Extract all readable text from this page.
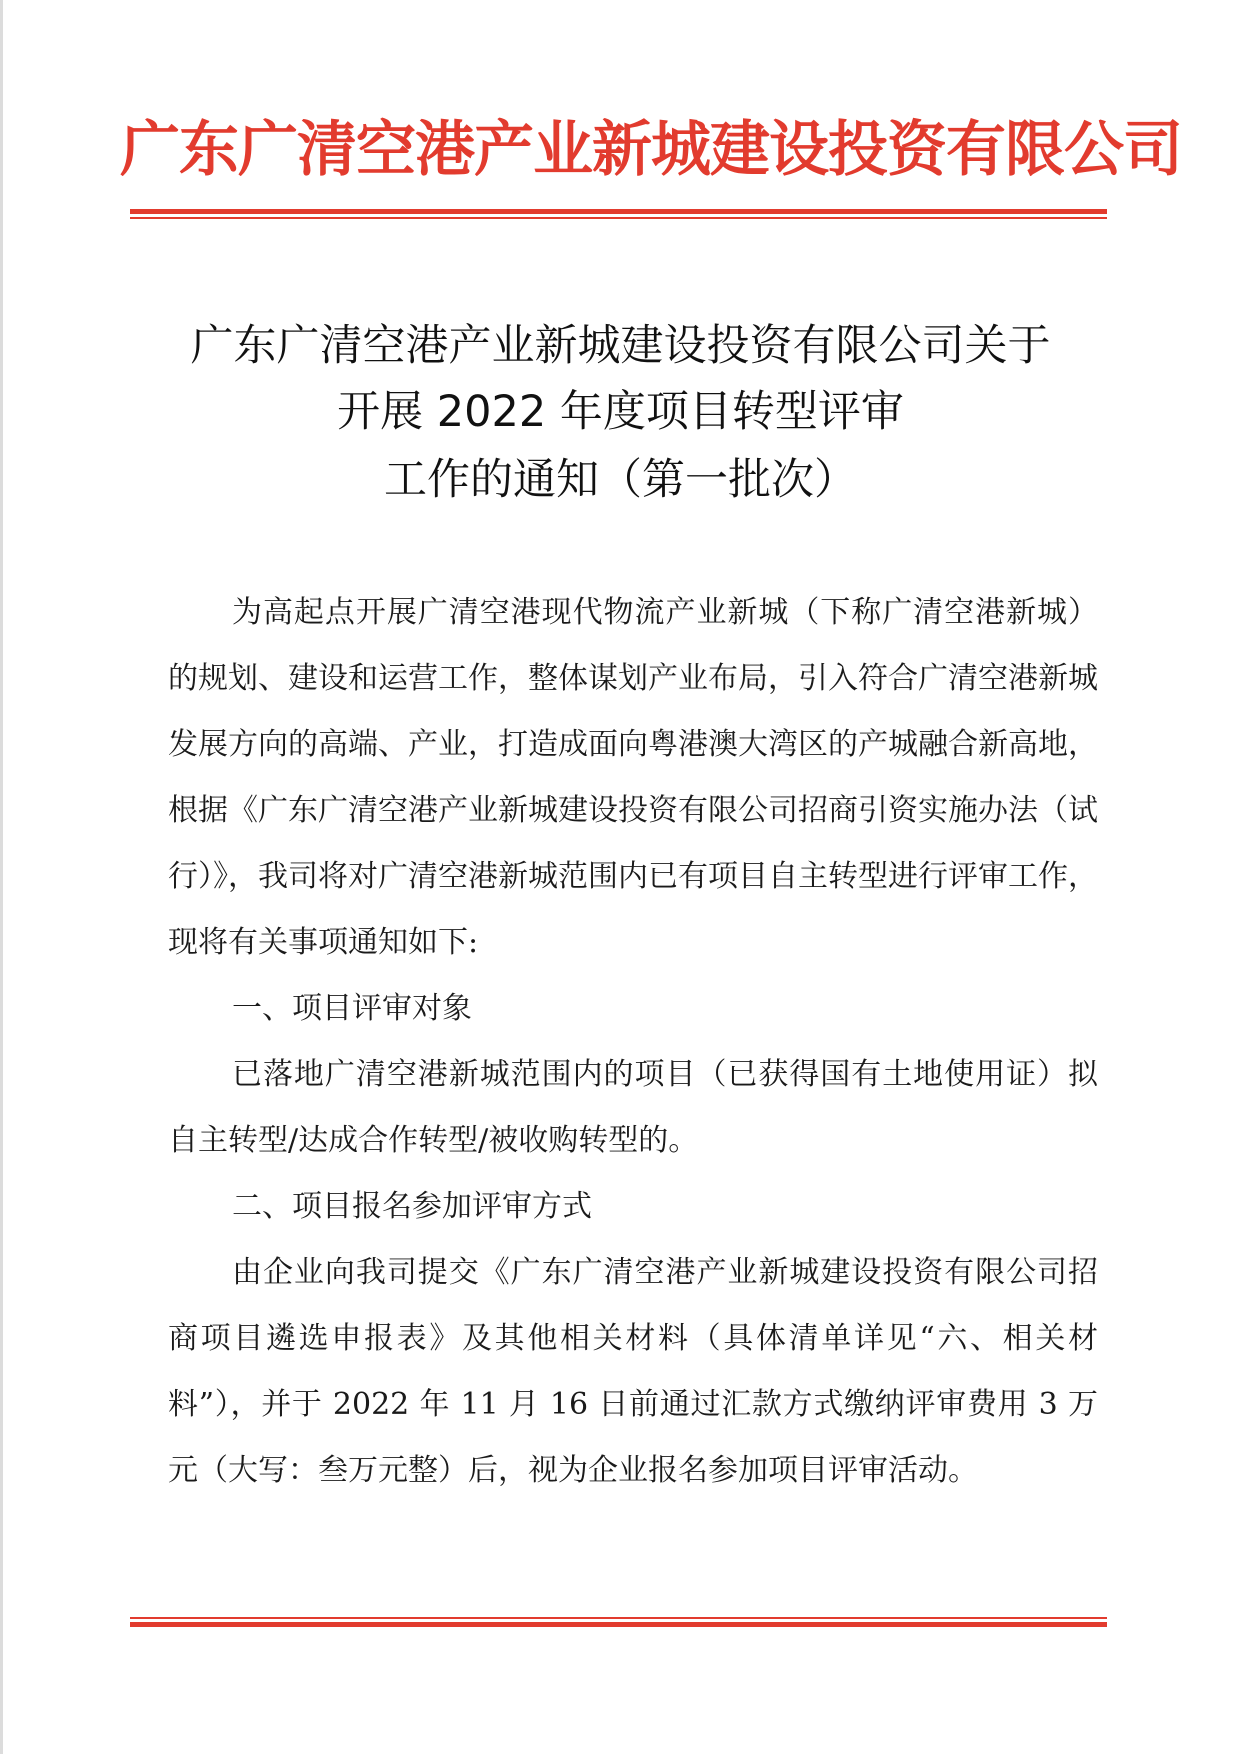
广东广清空港产业新城建设投资有限公司
广东广清空港产业新城建设投资有限公司关于
开展 2022 年度项目转型评审
工作的通知（第一批次）

为高起点开展广清空港现代物流产业新城（下称广清空港新城）的规划、建设和运营工作，整体谋划产业布局，引入符合广清空港新城发展方向的高端、产业，打造成面向粤港澳大湾区的产城融合新高地，根据《广东广清空港产业新城建设投资有限公司招商引资实施办法（试行）》，我司将对广清空港新城范围内已有项目自主转型进行评审工作，现将有关事项通知如下:

一、项目评审对象

已落地广清空港新城范围内的项目（已获得国有土地使用证）拟自主转型/达成合作转型/被收购转型的。

二、项目报名参加评审方式

由企业向我司提交《广东广清空港产业新城建设投资有限公司招商项目遴选申报表》及其他相关材料（具体清单详见“六、相关材料”），并于 2022 年 11 月 16 日前通过汇款方式缴纳评审费用 3 万元（大写：叁万元整）后，视为企业报名参加项目评审活动。
